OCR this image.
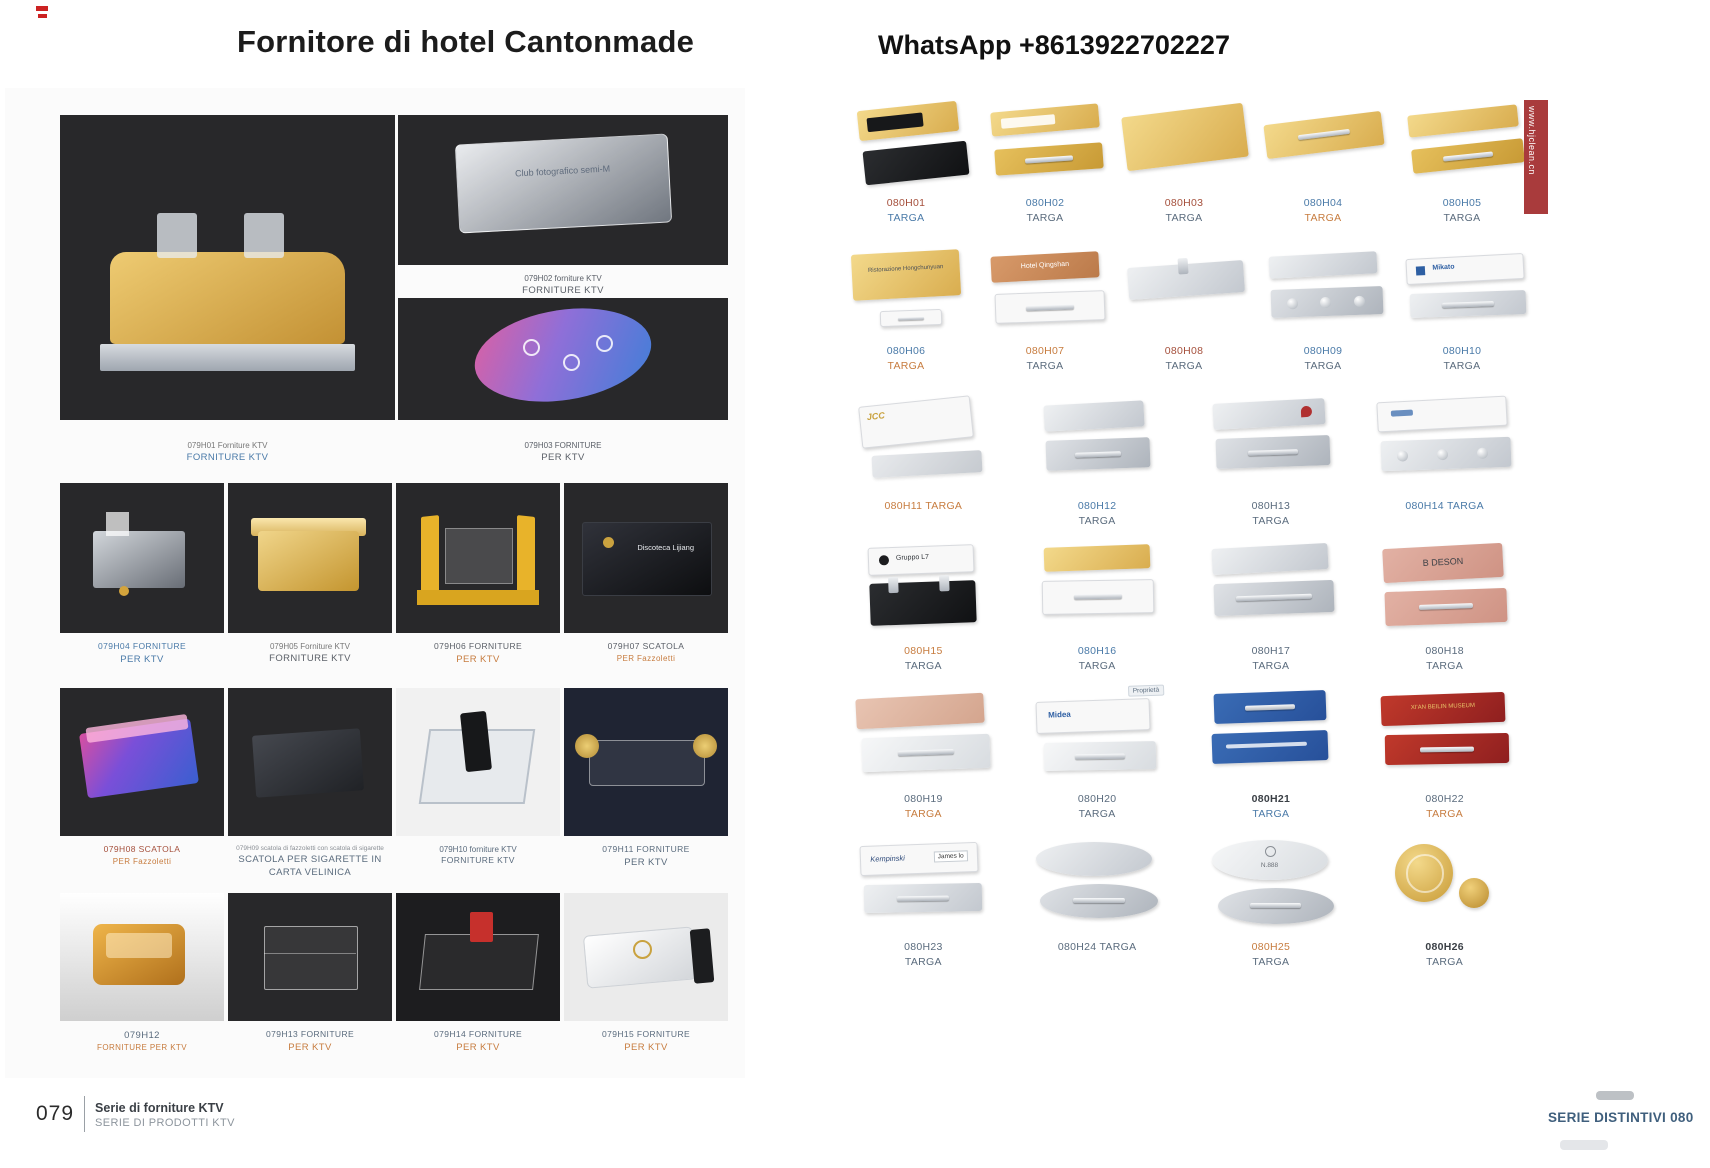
Fornitore di hotel Cantonmade	WhatsApp +8613922702227
Club fotografico semi-M
079H02 forniture KTV
FORNITURE KTV
079H01 Forniture KTV
FORNITURE KTV
079H03 FORNITURE
PER KTV
079H04 FORNITURE
PER KTV
079H05 Forniture KTV
FORNITURE KTV
079H06 FORNITURE
PER KTV
Discoteca Lijiang
079H07 SCATOLA
PER Fazzoletti
079H08 SCATOLA
PER Fazzoletti
079H09 scatola di fazzoletti con scatola di sigarette
SCATOLA PER SIGARETTE IN
CARTA VELINICA
079H10 forniture KTV
FORNITURE KTV
079H11 FORNITURE
PER KTV
079H12
FORNITURE PER KTV
079H13 FORNITURE
PER KTV
079H14 FORNITURE
PER KTV
079H15 FORNITURE
PER KTV
080H01
TARGA
080H02
TARGA
080H03
TARGA
080H04
TARGA
080H05
TARGA
Ristorazione Hongchunyuan
080H06
TARGA
Hotel Qingshan
080H07
TARGA
080H08
TARGA
080H09
TARGA
Mikato
080H10
TARGA
JCC
080H11 TARGA	080H12
TARGA
080H13
TARGA
080H14 TARGA
Gruppo L7
080H15
TARGA
080H16
TARGA
080H17
TARGA
B DESON
080H18
TARGA
080H19
TARGA
Midea
Proprietà
080H20
TARGA
080H21
TARGA
XI'AN BEILIN MUSEUM
080H22
TARGA
Kempinski	James lo
080H23
TARGA
080H24 TARGA
N.888
080H25
TARGA
080H26
TARGA
www.hjclean.cn
079 Serie di forniture KTV
SERIE DI PRODOTTI KTV	SERIE DISTINTIVI 080
